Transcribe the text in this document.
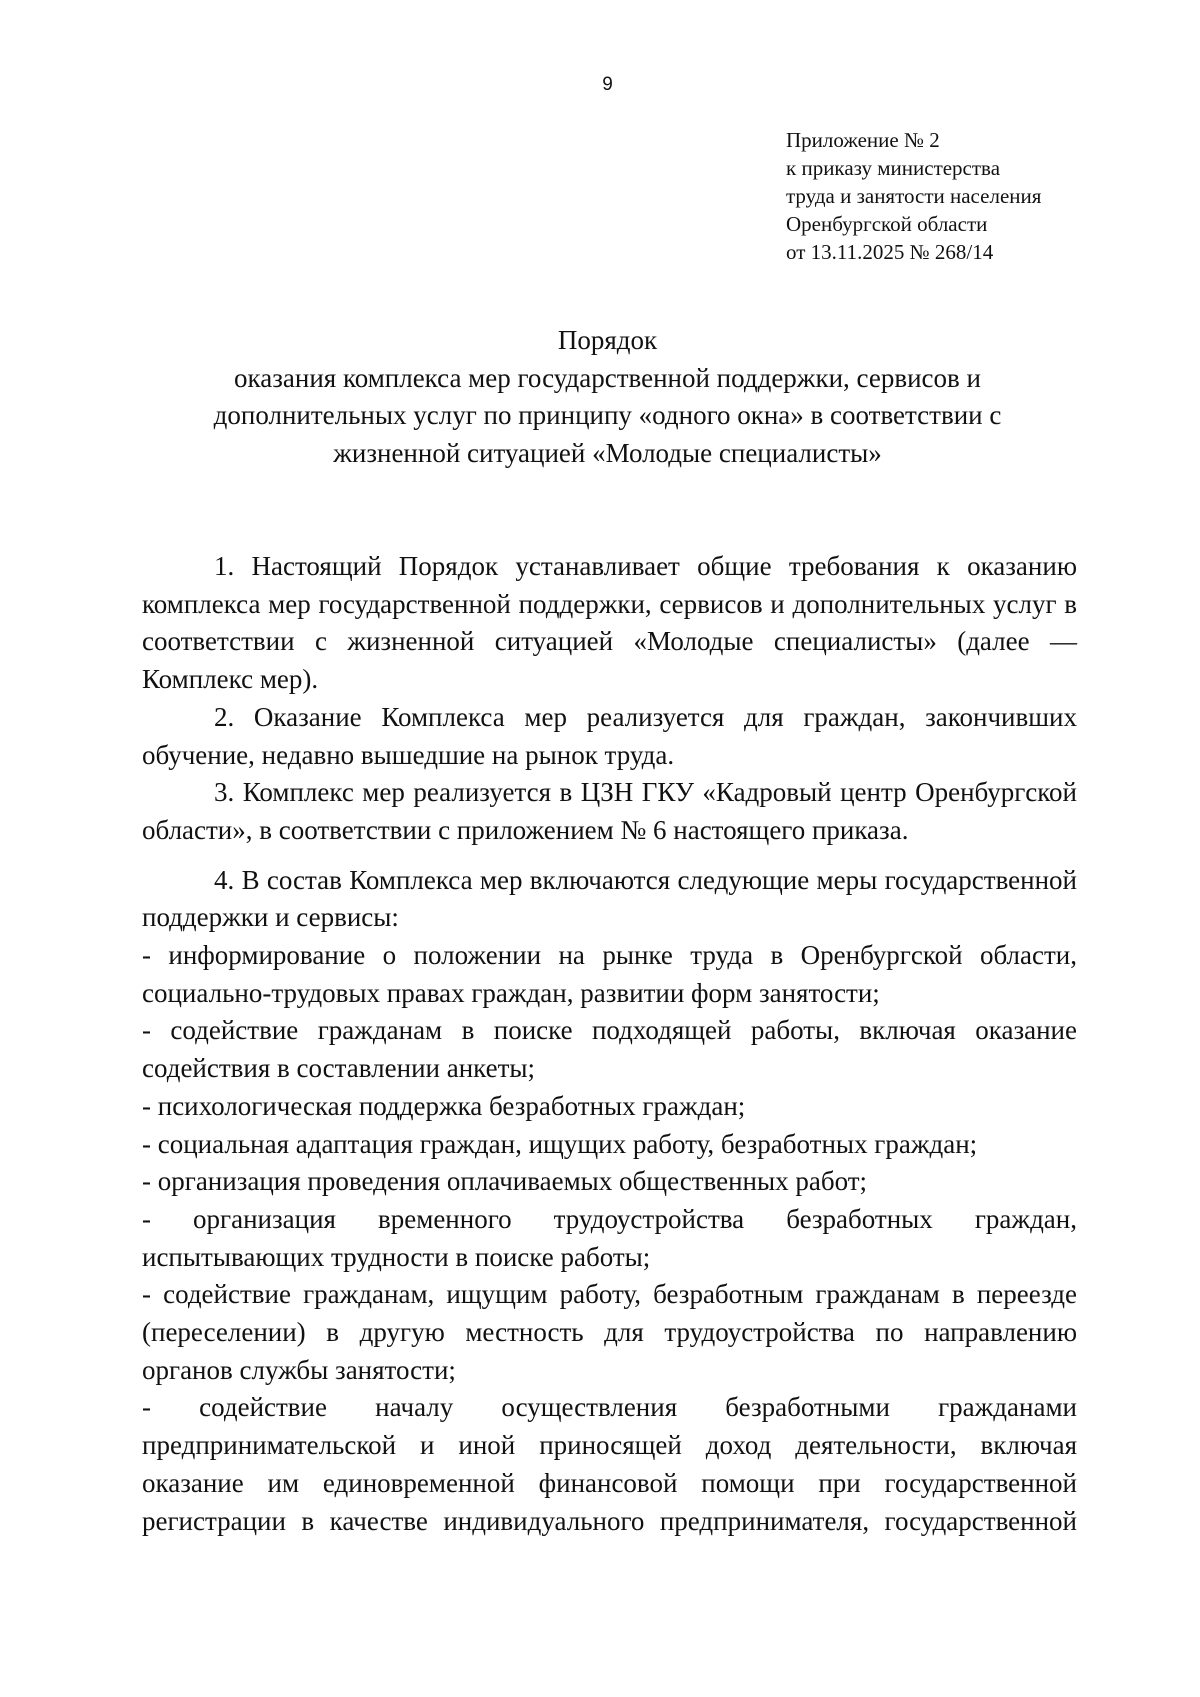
9
Приложение № 2
к приказу министерства
труда и занятости населения
Оренбургской области
от 13.11.2025 № 268/14
Порядок
оказания комплекса мер государственной поддержки, сервисов и
дополнительных услуг по принципу «одного окна» в соответствии с
жизненной ситуацией «Молодые специалисты»

1. Настоящий Порядок устанавливает общие требования к оказанию комплекса мер государственной поддержки, сервисов и дополнительных услуг в соответствии с жизненной ситуацией «Молодые специалисты» (далее — Комплекс мер).

2. Оказание Комплекса мер реализуется для граждан, закончивших обучение, недавно вышедшие на рынок труда.

3. Комплекс мер реализуется в ЦЗН ГКУ «Кадровый центр Оренбургской области», в соответствии с приложением № 6 настоящего приказа.

4. В состав Комплекса мер включаются следующие меры государственной поддержки и сервисы:

- информирование о положении на рынке труда в Оренбургской области, социально-трудовых правах граждан, развитии форм занятости;

- содействие гражданам в поиске подходящей работы, включая оказание содействия в составлении анкеты;

- психологическая поддержка безработных граждан;

- социальная адаптация граждан, ищущих работу, безработных граждан;

- организация проведения оплачиваемых общественных работ;

- организация временного трудоустройства безработных граждан, испытывающих трудности в поиске работы;

- содействие гражданам, ищущим работу, безработным гражданам в переезде (переселении) в другую местность для трудоустройства по направлению органов службы занятости;

- содействие началу осуществления безработными гражданами предпринимательской и иной приносящей доход деятельности, включая оказание им единовременной финансовой помощи при государственной регистрации в качестве индивидуального предпринимателя, государственной
